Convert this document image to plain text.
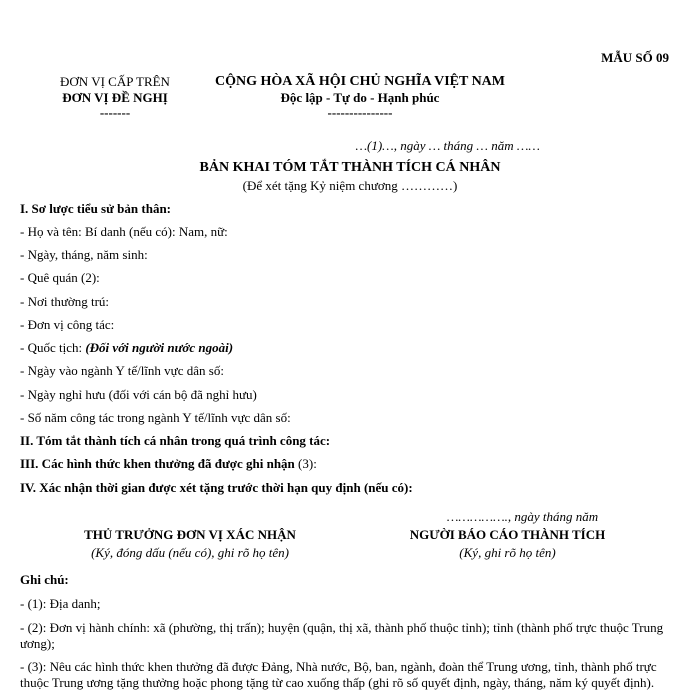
MẪU SỐ 09
ĐƠN VỊ CẤP TRÊN
ĐƠN VỊ ĐỀ NGHỊ
-------
CỘNG HÒA XÃ HỘI CHỦ NGHĨA VIỆT NAM
Độc lập - Tự do - Hạnh phúc
---------------
…(1)…, ngày … tháng … năm ……
BẢN KHAI TÓM TẮT THÀNH TÍCH CÁ NHÂN
(Để xét tặng Kỷ niệm chương …………)
I. Sơ lược tiểu sử bản thân:
- Họ và tên: Bí danh (nếu có): Nam, nữ:
- Ngày, tháng, năm sinh:
- Quê quán (2):
- Nơi thường trú:
- Đơn vị công tác:
- Quốc tịch: (Đối với người nước ngoài)
- Ngày vào ngành Y tế/lĩnh vực dân số:
- Ngày nghỉ hưu (đối với cán bộ đã nghỉ hưu)
- Số năm công tác trong ngành Y tế/lĩnh vực dân số:
II. Tóm tắt thành tích cá nhân trong quá trình công tác:
III. Các hình thức khen thưởng đã được ghi nhận (3):
IV. Xác nhận thời gian được xét tặng trước thời hạn quy định (nếu có):
THỦ TRƯỞNG ĐƠN VỊ XÁC NHẬN
(Ký, đóng dấu (nếu có), ghi rõ họ tên)
……………., ngày tháng năm
NGƯỜI BÁO CÁO THÀNH TÍCH
(Ký, ghi rõ họ tên)
Ghi chú:
- (1): Địa danh;
- (2): Đơn vị hành chính: xã (phường, thị trấn); huyện (quận, thị xã, thành phố thuộc tỉnh); tỉnh (thành phố trực thuộc Trung ương);
- (3): Nêu các hình thức khen thưởng đã được Đảng, Nhà nước, Bộ, ban, ngành, đoàn thể Trung ương, tỉnh, thành phố trực thuộc Trung ương tặng thưởng hoặc phong tặng từ cao xuống thấp (ghi rõ số quyết định, ngày, tháng, năm ký quyết định).
